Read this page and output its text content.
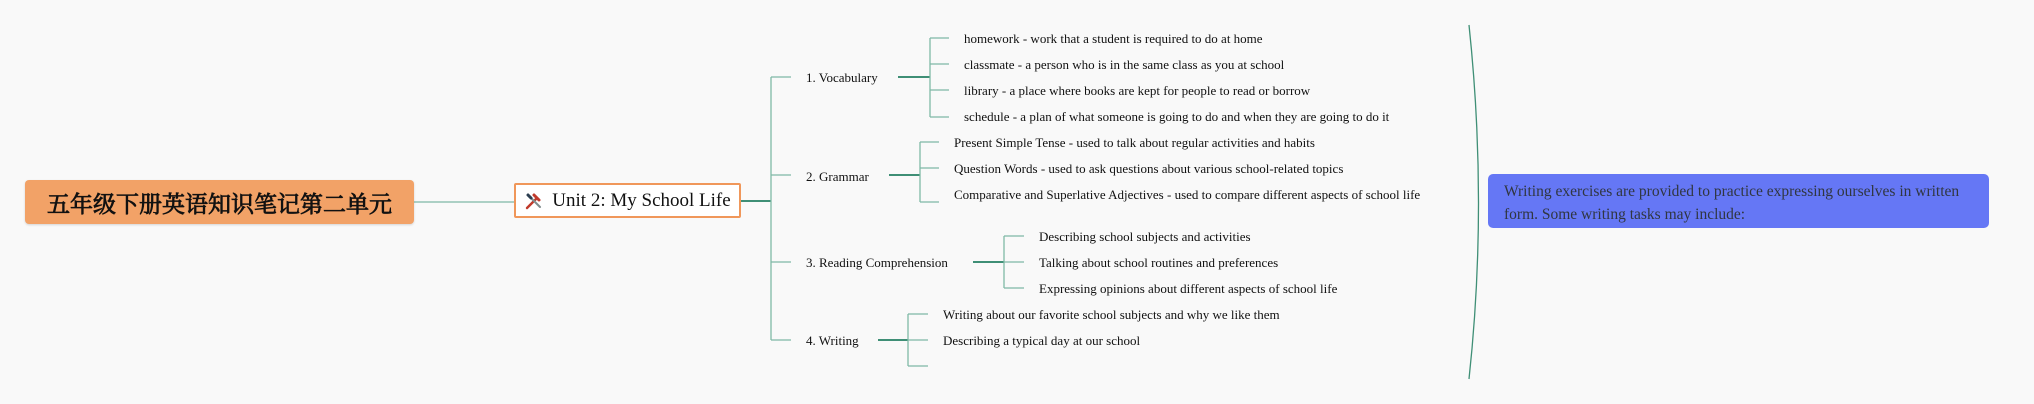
五年级下册英语知识笔记第二单元	Unit 2: My School Life
1. Vocabulary
2. Grammar
3. Reading Comprehension
4. Writing
homework - work that a student is required to do at home
classmate - a person who is in the same class as you at school
library - a place where books are kept for people to read or borrow
schedule - a plan of what someone is going to do and when they are going to do it
Present Simple Tense - used to talk about regular activities and habits
Question Words - used to ask questions about various school-related topics
Comparative and Superlative Adjectives - used to compare different aspects of school life
Describing school subjects and activities
Talking about school routines and preferences
Expressing opinions about different aspects of school life
Writing about our favorite school subjects and why we like them
Describing a typical day at our school
Writing exercises are provided to practice expressing ourselves in written form. Some writing tasks may include:
